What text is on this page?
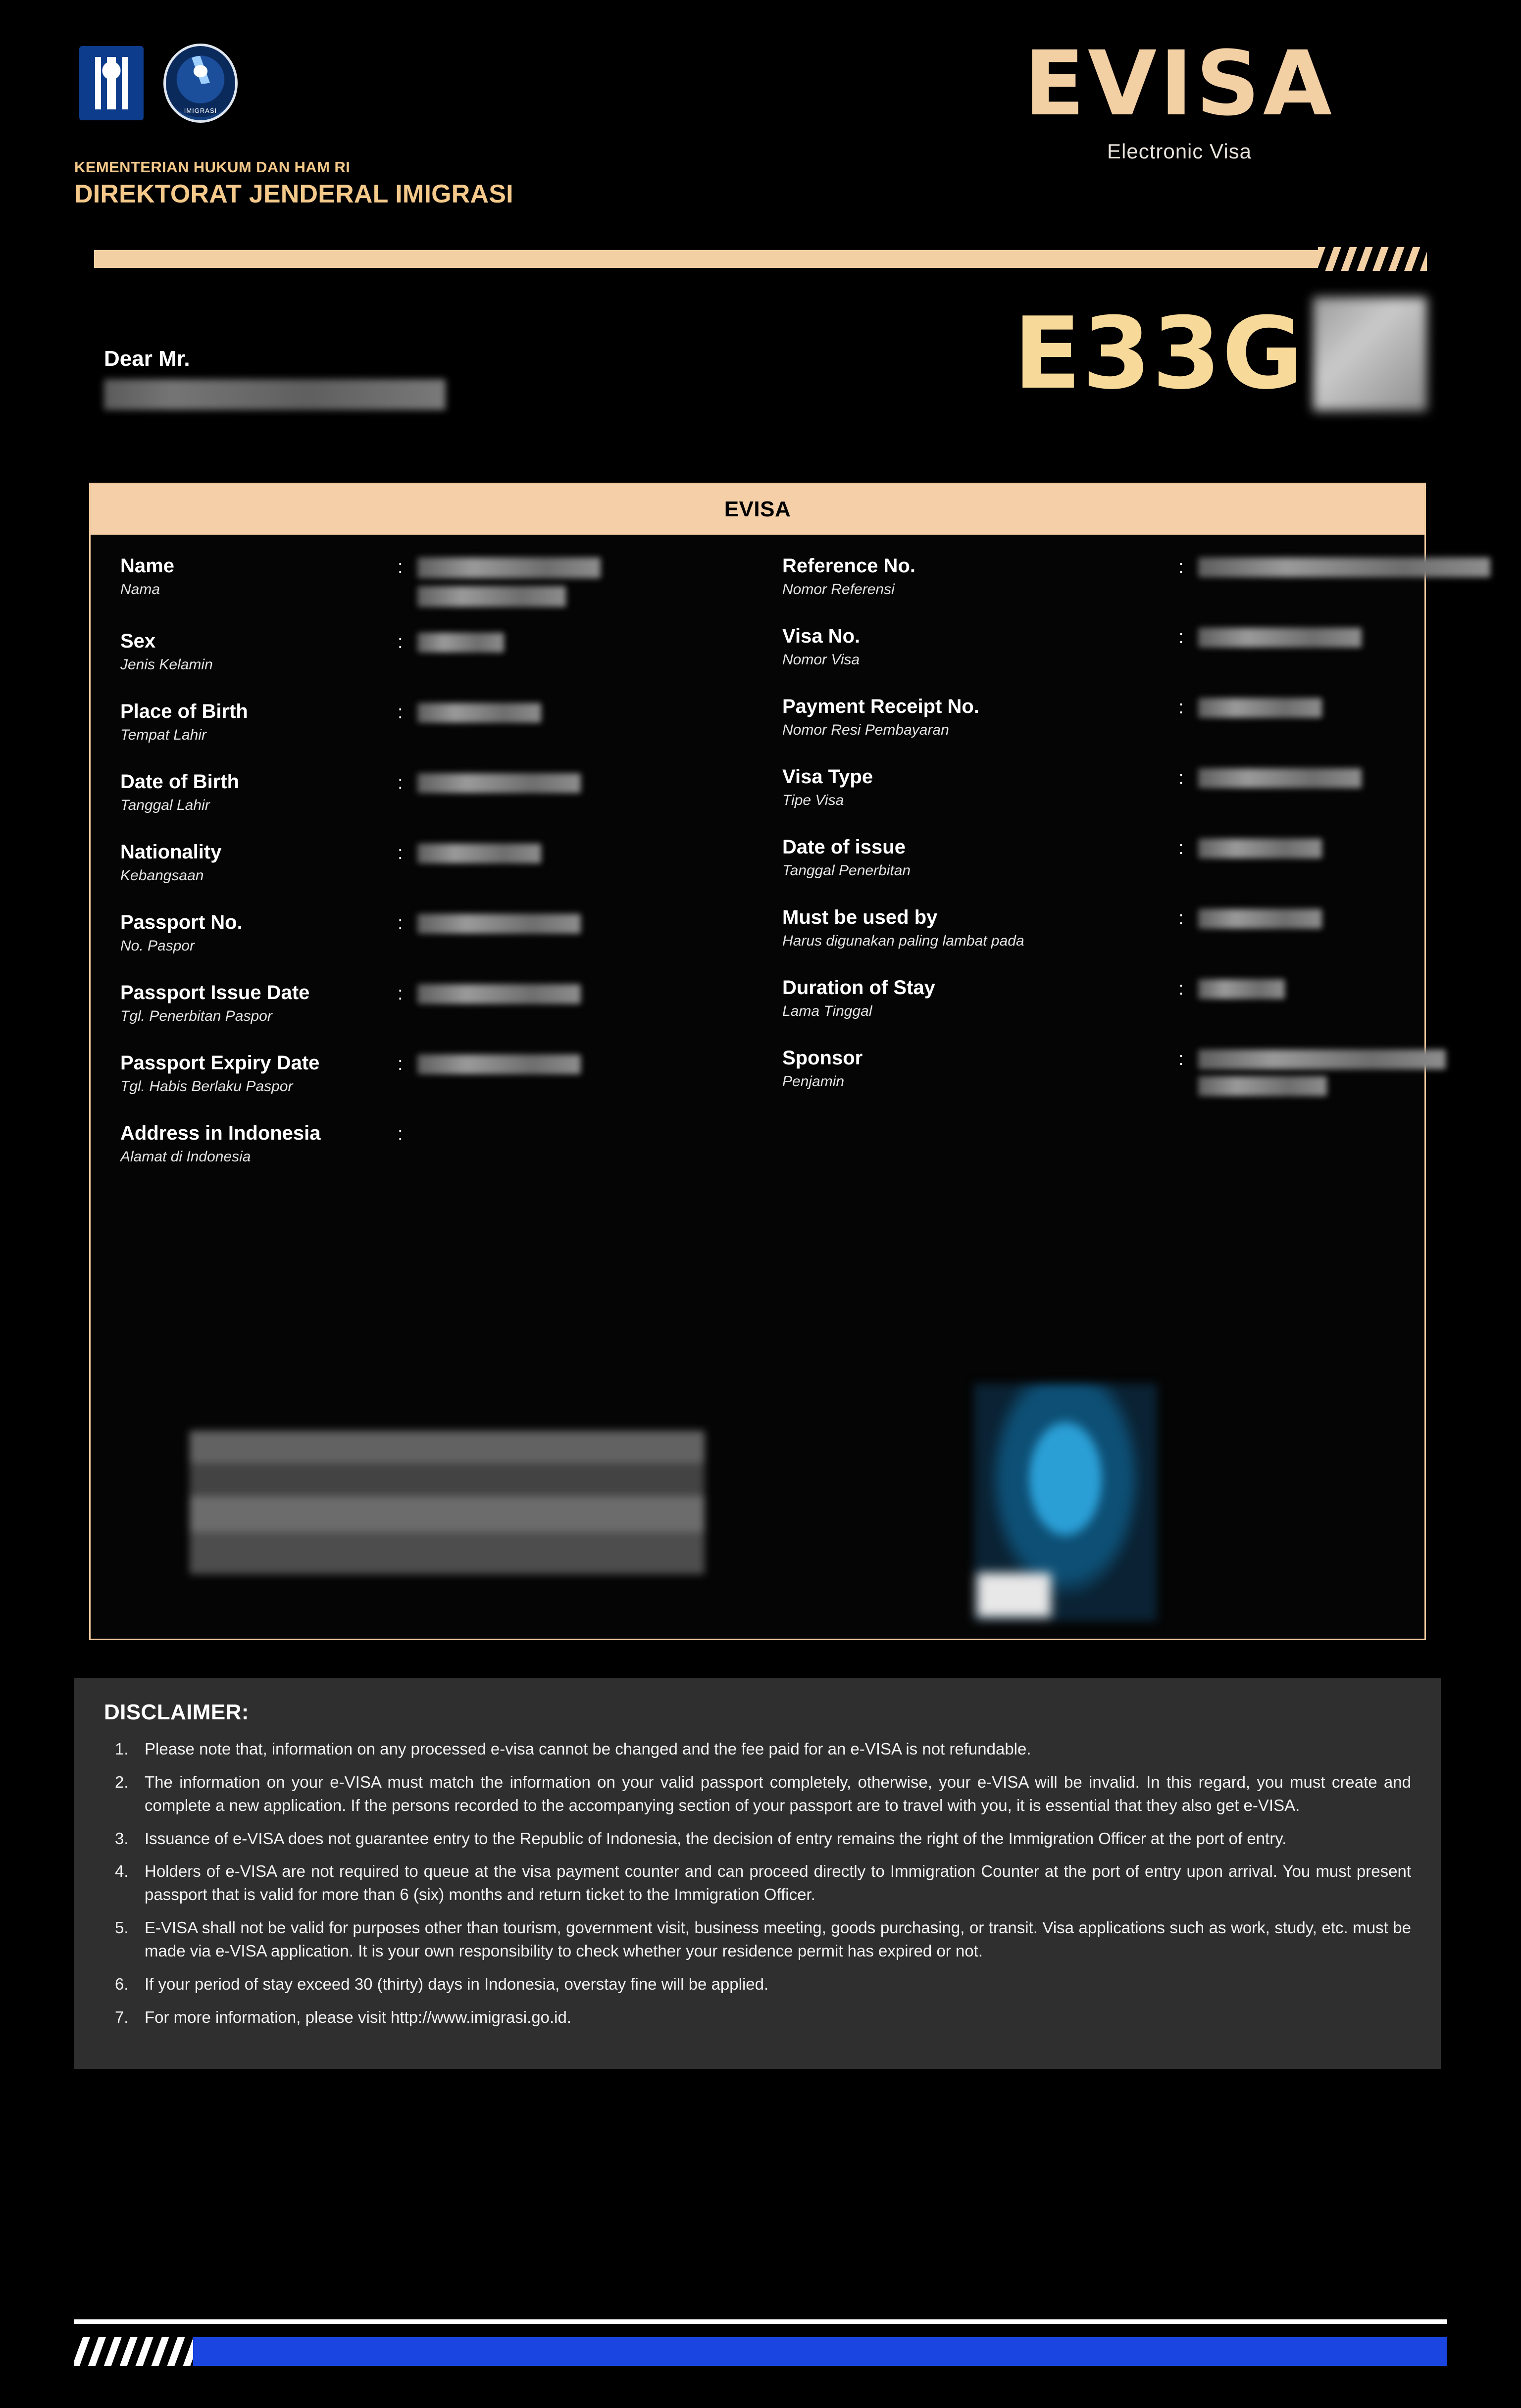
IMIGRASI
KEMENTERIAN HUKUM DAN HAM RI
DIREKTORAT JENDERAL IMIGRASI
EVISA
Electronic Visa
Dear Mr.	E33G
EVISA
Name
Nama
:
Sex
Jenis Kelamin
:
Place of Birth
Tempat Lahir
:
Date of Birth
Tanggal Lahir
:
Nationality
Kebangsaan
:
Passport No.
No. Paspor
:
Passport Issue Date
Tgl. Penerbitan Paspor
:
Passport Expiry Date
Tgl. Habis Berlaku Paspor
:
Address in Indonesia
Alamat di Indonesia
:
Reference No.
Nomor Referensi
:
Visa No.
Nomor Visa
:
Payment Receipt No.
Nomor Resi Pembayaran
:
Visa Type
Tipe Visa
:
Date of issue
Tanggal Penerbitan
:
Must be used by
Harus digunakan paling lambat pada
:
Duration of Stay
Lama Tinggal
:
Sponsor
Penjamin
:
DISCLAIMER:
Please note that, information on any processed e-visa cannot be changed and the fee paid for an e-VISA is not refundable.
The information on your e-VISA must match the information on your valid passport completely, otherwise, your e-VISA will be invalid. In this regard, you must create and complete a new application. If the persons recorded to the accompanying section of your passport are to travel with you, it is essential that they also get e-VISA.
Issuance of e-VISA does not guarantee entry to the Republic of Indonesia, the decision of entry remains the right of the Immigration Officer at the port of entry.
Holders of e-VISA are not required to queue at the visa payment counter and can proceed directly to Immigration Counter at the port of entry upon arrival. You must present passport that is valid for more than 6 (six) months and return ticket to the Immigration Officer.
E-VISA shall not be valid for purposes other than tourism, government visit, business meeting, goods purchasing, or transit. Visa applications such as work, study, etc. must be made via e-VISA application. It is your own responsibility to check whether your residence permit has expired or not.
If your period of stay exceed 30 (thirty) days in Indonesia, overstay fine will be applied.
For more information, please visit http://www.imigrasi.go.id.
